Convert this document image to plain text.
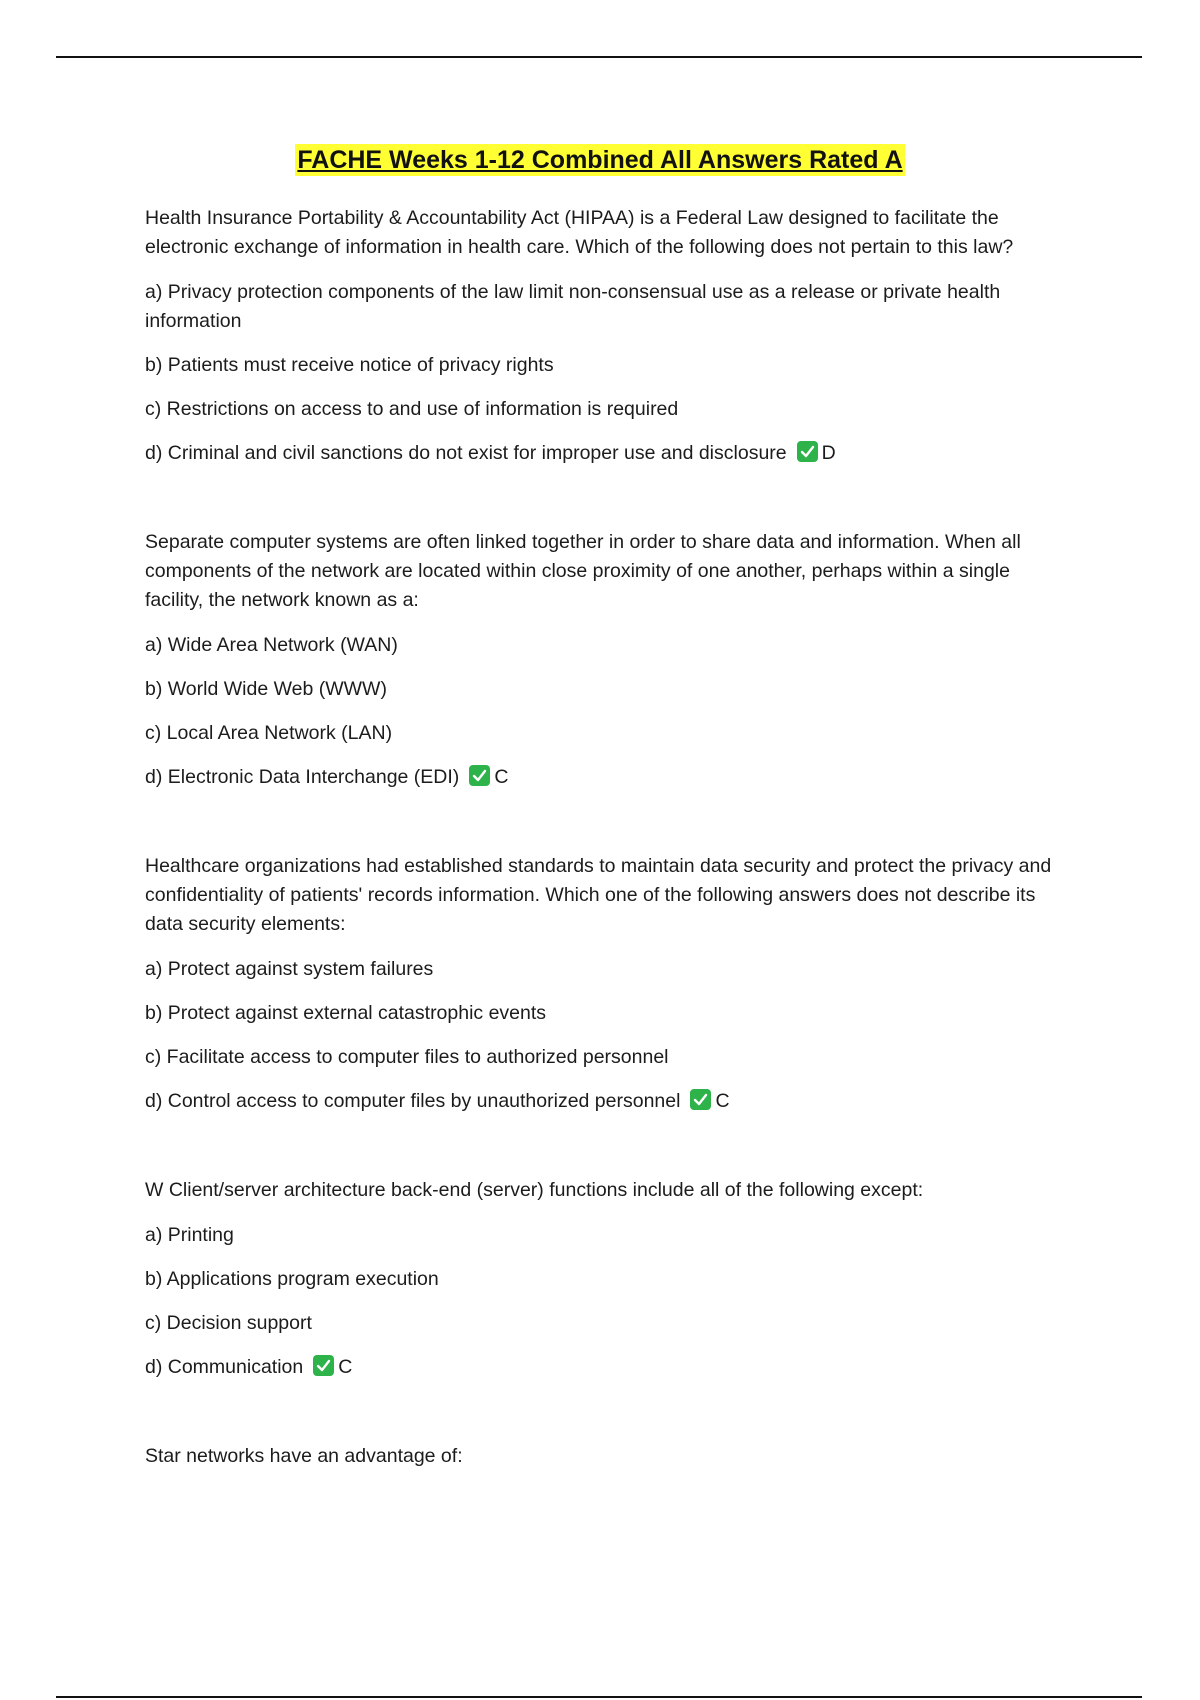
FACHE Weeks 1-12 Combined All Answers Rated A

Health Insurance Portability & Accountability Act (HIPAA) is a Federal Law designed to facilitate the electronic exchange of information in health care. Which of the following does not pertain to this law?

a) Privacy protection components of the law limit non-consensual use as a release or private health information

b) Patients must receive notice of privacy rights

c) Restrictions on access to and use of information is required

d) Criminal and civil sanctions do not exist for improper use and disclosure D

Separate computer systems are often linked together in order to share data and information. When all components of the network are located within close proximity of one another, perhaps within a single facility, the network known as a:

a) Wide Area Network (WAN)

b) World Wide Web (WWW)

c) Local Area Network (LAN)

d) Electronic Data Interchange (EDI) C

Healthcare organizations had established standards to maintain data security and protect the privacy and confidentiality of patients' records information. Which one of the following answers does not describe its data security elements:

a) Protect against system failures

b) Protect against external catastrophic events

c) Facilitate access to computer files to authorized personnel

d) Control access to computer files by unauthorized personnel C

W Client/server architecture back-end (server) functions include all of the following except:

a) Printing

b) Applications program execution

c) Decision support

d) Communication C

Star networks have an advantage of:
